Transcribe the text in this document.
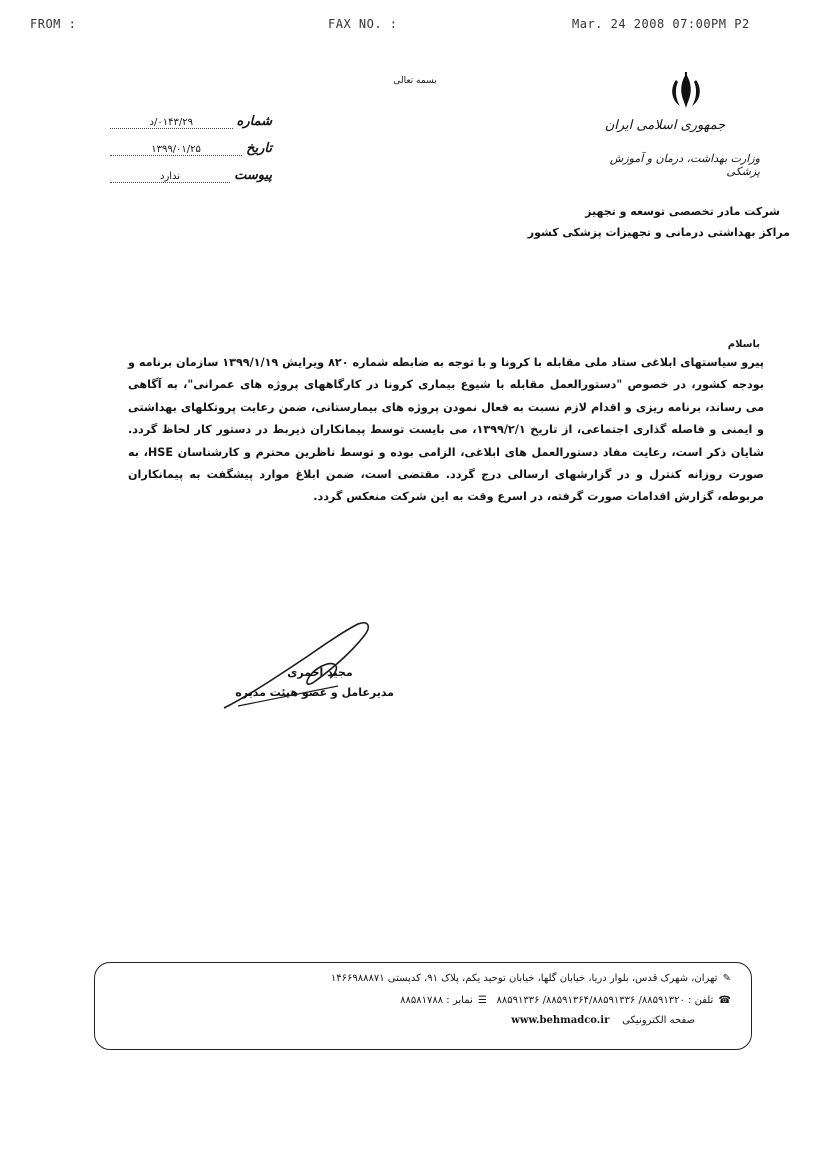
FROM :	FAX NO. :	Mar. 24 2008 07:00PM P2
بسمه تعالی
جمهوری اسلامی ایران
وزارت بهداشت، درمان و آموزش پزشکی
شرکت مادر تخصصی توسعه و تجهیز
مراکز بهداشتی درمانی و تجهیزات پزشکی کشور
شماره
۰۱۴۳/۲۹/د
تاریخ
۱۳۹۹/۰۱/۲۵
پیوست
ندارد
باسلام
پیرو سیاستهای ابلاغی ستاد ملی مقابله با کرونا و با توجه به ضابطه شماره ۸۲۰ ویرایش ۱۳۹۹/۱/۱۹ سازمان برنامه و بودجه کشور، در خصوص "دستورالعمل مقابله با شیوع بیماری کرونا در کارگاههای پروژه های عمرانی"، به آگاهی می رساند، برنامه ریزی و اقدام لازم نسبت به فعال نمودن پروژه های بیمارستانی، ضمن رعایت پروتکلهای بهداشتی و ایمنی و فاصله گذاری اجتماعی، از تاریخ ۱۳۹۹/۲/۱، می بایست توسط پیمانکاران ذیربط در دستور کار لحاظ گردد. شایان ذکر است، رعایت مفاد دستورالعمل های ابلاغی، الزامی بوده و توسط ناظرین محترم و کارشناسان HSE، به صورت روزانه کنترل و در گزارشهای ارسالی درج گردد. مقتضی است، ضمن ابلاغ موارد پیشگفت به پیمانکاران مربوطه، گزارش اقدامات صورت گرفته، در اسرع وقت به این شرکت منعکس گردد.
مجید احمری
مدیرعامل و عضو هیئت مدیره
✎ تهران، شهرک قدس، بلوار دریا، خیابان گلها، خیابان توحید یکم، پلاک ۹۱، کدپستی ۱۴۶۶۹۸۸۸۷۱
☎ تلفن : ۸۸۵۹۱۳۲۰/ ۸۸۵۹۱۳۶۴/۸۸۵۹۱۳۳۶/ ۸۸۵۹۱۳۳۶   ☰ نمابر : ۸۸۵۸۱۷۸۸
صفحه الکترونیکی    www.behmadco.ir
